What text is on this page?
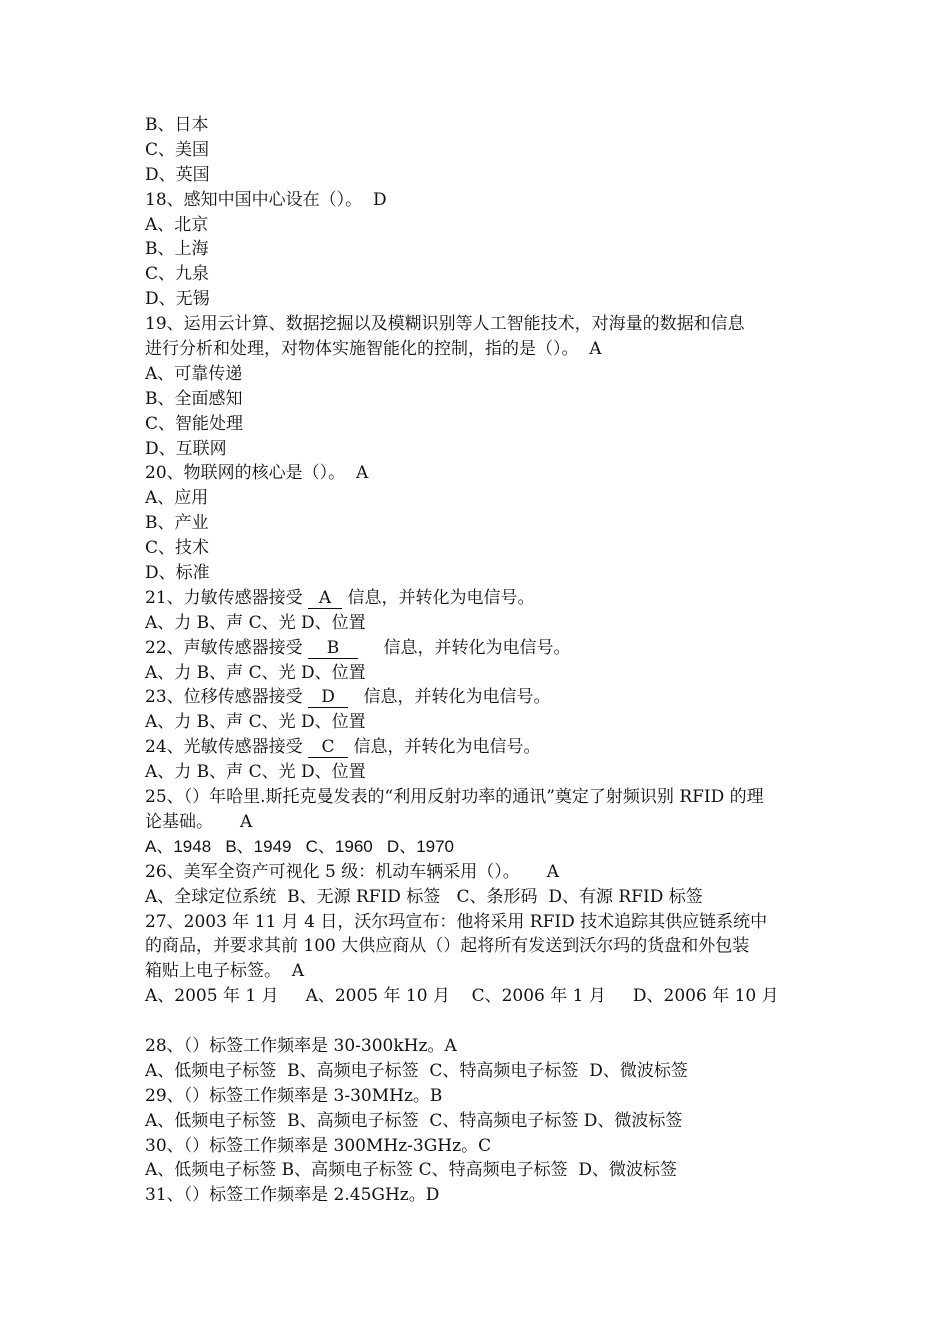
B、日本
C、美国
D、英国
18、感知中国中心设在（）。  D
A、北京
B、上海
C、九泉
D、无锡
19、运用云计算、数据挖掘以及模糊识别等人工智能技术，对海量的数据和信息
进行分析和处理，对物体实施智能化的控制，指的是（）。  A
A、可靠传递
B、全面感知
C、智能处理
D、互联网
20、物联网的核心是（）。  A
A、应用
B、产业
C、技术
D、标准
21、力敏传感器接受 A 信息，并转化为电信号。
A、力 B、声 C、光 D、位置
22、声敏传感器接受 B 信息，并转化为电信号。
A、力 B、声 C、光 D、位置
23、位移传感器接受 D 信息，并转化为电信号。
A、力 B、声 C、光 D、位置
24、光敏传感器接受 C 信息，并转化为电信号。
A、力 B、声 C、光 D、位置
25、（）年哈里.斯托克曼发表的“利用反射功率的通讯”奠定了射频识别 RFID 的理
论基础。     A
A、1948   B、1949   C、1960   D、1970
26、美军全资产可视化 5 级：机动车辆采用（）。     A
A、全球定位系统  B、无源 RFID 标签   C、条形码  D、有源 RFID 标签
27、2003 年 11 月 4 日，沃尔玛宣布：他将采用 RFID 技术追踪其供应链系统中
的商品，并要求其前 100 大供应商从（）起将所有发送到沃尔玛的货盘和外包装
箱贴上电子标签。  A
A、2005 年 1 月     A、2005 年 10 月    C、2006 年 1 月     D、2006 年 10 月
28、（）标签工作频率是 30-300kHz。A
A、低频电子标签  B、高频电子标签  C、特高频电子标签  D、微波标签
29、（）标签工作频率是 3-30MHz。B
A、低频电子标签  B、高频电子标签  C、特高频电子标签 D、微波标签
30、（）标签工作频率是 300MHz-3GHz。C
A、低频电子标签 B、高频电子标签 C、特高频电子标签  D、微波标签
31、（）标签工作频率是 2.45GHz。D
